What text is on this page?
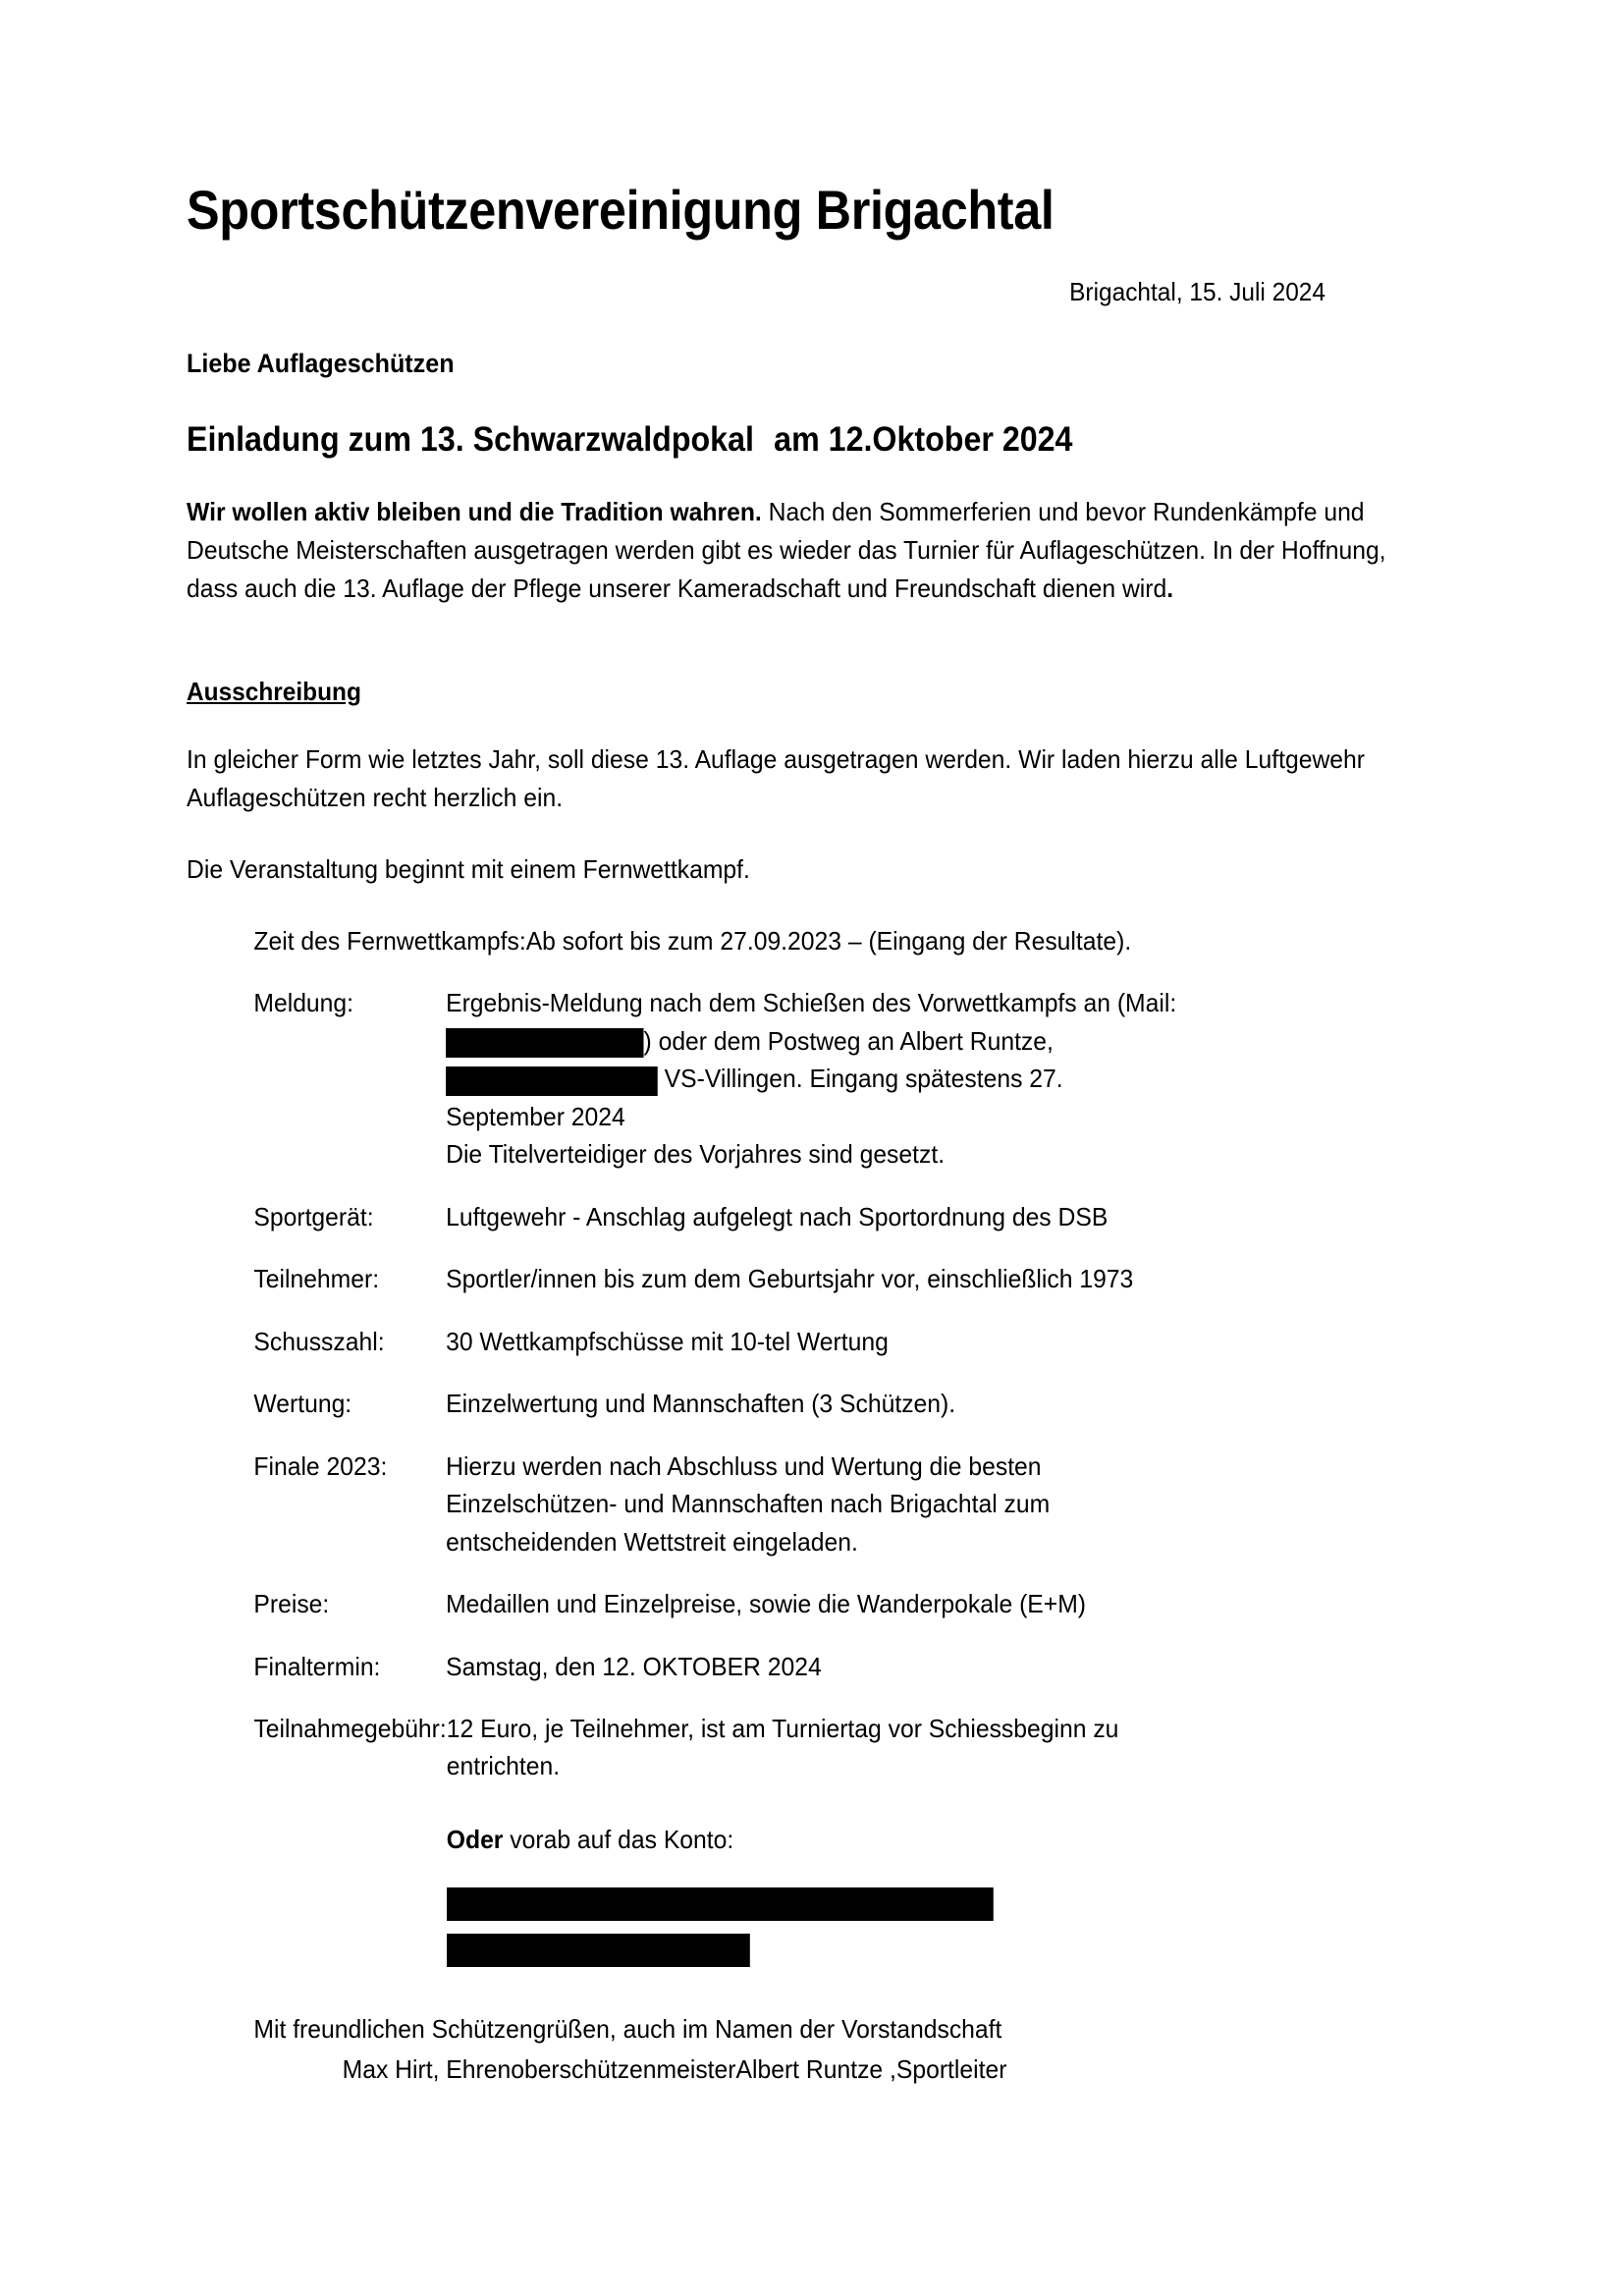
Sportschützenvereinigung Brigachtal
Brigachtal, 15. Juli 2024
Liebe Auflageschützen
Einladung zum 13. Schwarzwaldpokal am 12.Oktober 2024

Wir wollen aktiv bleiben und die Tradition wahren. Nach den Sommerferien und bevor Rundenkämpfe und Deutsche Meisterschaften ausgetragen werden gibt es wieder das Turnier für Auflageschützen. In der Hoffnung, dass auch die 13. Auflage der Pflege unserer Kameradschaft und Freundschaft dienen wird.

Ausschreibung

In gleicher Form wie letztes Jahr, soll diese 13. Auflage ausgetragen werden. Wir laden hierzu alle Luftgewehr Auflageschützen recht herzlich ein.

Die Veranstaltung beginnt mit einem Fernwettkampf.

Zeit des Fernwettkampfs: Ab sofort bis zum 27.09.2023 – (Eingang der Resultate).
Meldung:	Ergebnis-Meldung nach dem Schießen des Vorwettkampfs an (Mail:
) oder dem Postweg an Albert Runtze,
VS-Villingen. Eingang spätestens 27.
September 2024
Die Titelverteidiger des Vorjahres sind gesetzt.
Sportgerät:	Luftgewehr - Anschlag aufgelegt nach Sportordnung des DSB
Teilnehmer:	Sportler/innen bis zum dem Geburtsjahr vor, einschließlich 1973
Schusszahl:	30 Wettkampfschüsse mit 10-tel Wertung
Wertung:	Einzelwertung und Mannschaften (3 Schützen).
Finale 2023:	Hierzu werden nach Abschluss und Wertung die besten
Einzelschützen- und Mannschaften nach Brigachtal zum
entscheidenden Wettstreit eingeladen.
Preise:	Medaillen und Einzelpreise, sowie die Wanderpokale (E+M)
Finaltermin:	Samstag, den 12. OKTOBER 2024
Teilnahmegebühr: 12 Euro, je Teilnehmer, ist am Turniertag vor Schiessbeginn zu
entrichten.
Oder vorab auf das Konto:
Mit freundlichen Schützengrüßen, auch im Namen der Vorstandschaft
Max Hirt, Ehrenoberschützenmeister Albert Runtze ,Sportleiter
